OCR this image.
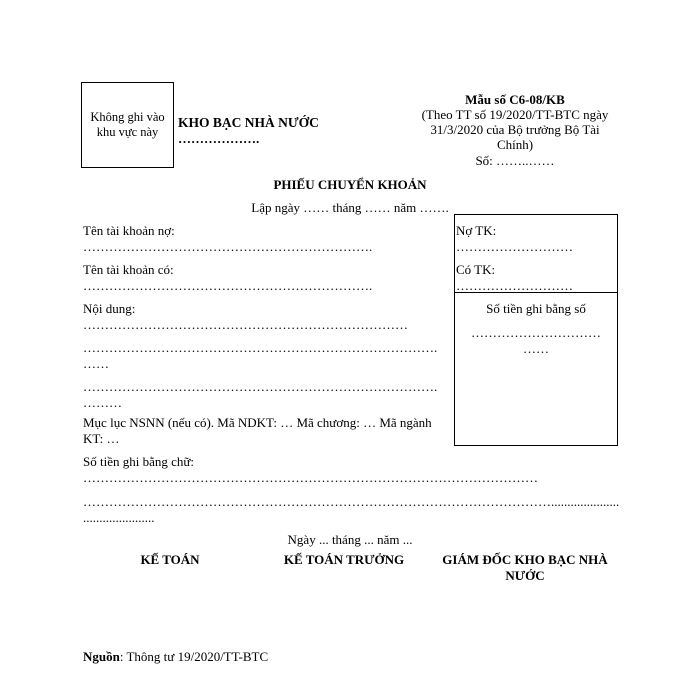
Không ghi vào
khu vực này
KHO BẠC NHÀ NƯỚC
……………….
Mẫu số C6-08/KB
(Theo TT số 19/2020/TT-BTC ngày
31/3/2020 của Bộ trưởng Bộ Tài
Chính)
Số: ……..……
PHIẾU CHUYỂN KHOẢN
Lập ngày …… tháng …… năm …….
Tên tài khoản nợ:
………………………………………………………….
Tên tài khoản có:
………………………………………………………….
Nội dung:
…………………………………………………………………
……………………………………………………………………….
……
……………………………………………………………………….
………
Mục lục NSNN (nếu có). Mã NDKT: … Mã chương: … Mã ngành
KT: …
Nợ TK:
………………………
Có TK:
………………………
Số tiền ghi bằng số
…………………………
……
Số tiền ghi bằng chữ:
……………………………………………………………………………………………
……………………………………………………………………………………………….....................
......................
Ngày ... tháng ... năm ...
KẾ TOÁN	KẾ TOÁN TRƯỞNG	GIÁM ĐỐC KHO BẠC NHÀ
NƯỚC
Nguồn: Thông tư 19/2020/TT-BTC
